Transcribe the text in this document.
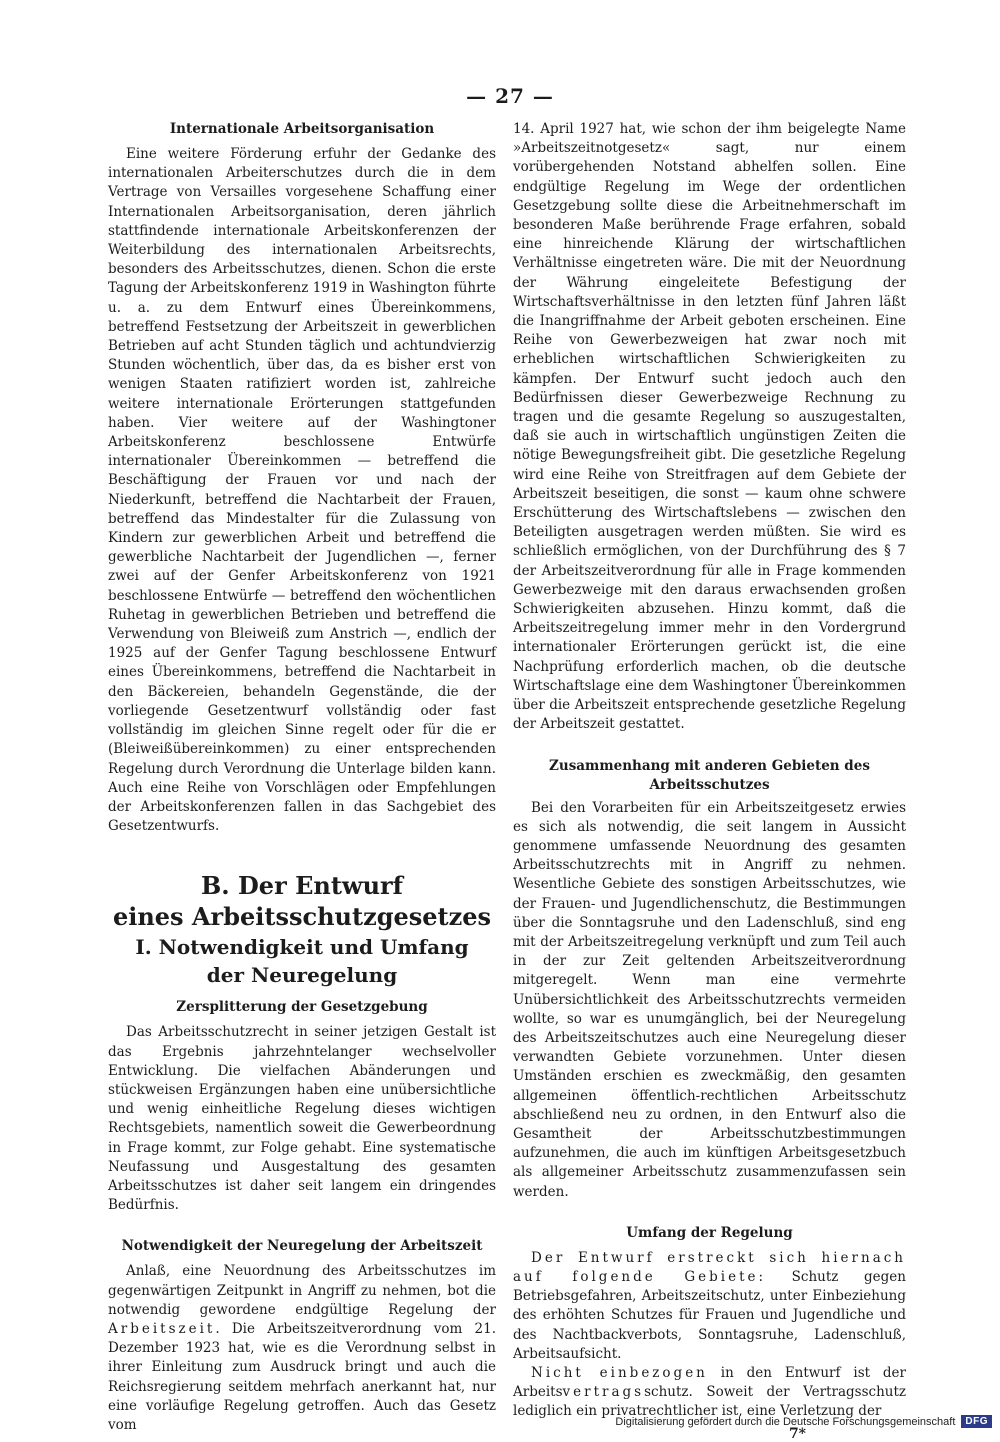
— 27 —
Internationale Arbeitsorganisation

Eine weitere Förderung erfuhr der Gedanke des internationalen Arbeiterschutzes durch die in dem Vertrage von Versailles vorgesehene Schaffung einer Internationalen Arbeitsorganisation, deren jährlich stattfindende internationale Arbeitskonferenzen der Weiterbildung des internationalen Arbeitsrechts, besonders des Arbeitsschutzes, dienen. Schon die erste Tagung der Arbeitskonferenz 1919 in Washington führte u. a. zu dem Entwurf eines Übereinkommens, betreffend Festsetzung der Arbeitszeit in gewerblichen Betrieben auf acht Stunden täglich und achtundvierzig Stunden wöchentlich, über das, da es bisher erst von wenigen Staaten ratifiziert worden ist, zahlreiche weitere internationale Erörterungen stattgefunden haben. Vier weitere auf der Washingtoner Arbeitskonferenz beschlossene Entwürfe internationaler Übereinkommen — betreffend die Beschäftigung der Frauen vor und nach der Niederkunft, betreffend die Nachtarbeit der Frauen, betreffend das Mindestalter für die Zulassung von Kindern zur gewerblichen Arbeit und betreffend die gewerbliche Nachtarbeit der Jugendlichen —, ferner zwei auf der Genfer Arbeitskonferenz von 1921 beschlossene Entwürfe — betreffend den wöchentlichen Ruhetag in gewerblichen Betrieben und betreffend die Verwendung von Bleiweiß zum Anstrich —, endlich der 1925 auf der Genfer Tagung beschlossene Entwurf eines Übereinkommens, betreffend die Nachtarbeit in den Bäckereien, behandeln Gegenstände, die der vorliegende Gesetzentwurf vollständig oder fast vollständig im gleichen Sinne regelt oder für die er (Bleiweißübereinkommen) zu einer entsprechenden Regelung durch Verordnung die Unterlage bilden kann. Auch eine Reihe von Vorschlägen oder Empfehlungen der Arbeitskonferenzen fallen in das Sachgebiet des Gesetzentwurfs.

B. Der Entwurf
eines Arbeitsschutzgesetzes
I. Notwendigkeit und Umfang
der Neuregelung
Zersplitterung der Gesetzgebung

Das Arbeitsschutzrecht in seiner jetzigen Gestalt ist das Ergebnis jahrzehntelanger wechselvoller Entwicklung. Die vielfachen Abänderungen und stückweisen Ergänzungen haben eine unübersichtliche und wenig einheitliche Regelung dieses wichtigen Rechtsgebiets, namentlich soweit die Gewerbeordnung in Frage kommt, zur Folge gehabt. Eine systematische Neufassung und Ausgestaltung des gesamten Arbeitsschutzes ist daher seit langem ein dringendes Bedürfnis.

Notwendigkeit der Neuregelung der Arbeitszeit

Anlaß, eine Neuordnung des Arbeitsschutzes im gegenwärtigen Zeitpunkt in Angriff zu nehmen, bot die notwendig gewordene endgültige Regelung der Arbeitszeit. Die Arbeitszeitverordnung vom 21. Dezember 1923 hat, wie es die Verordnung selbst in ihrer Einleitung zum Ausdruck bringt und auch die Reichsregierung seitdem mehrfach anerkannt hat, nur eine vorläufige Regelung getroffen. Auch das Gesetz vom

14. April 1927 hat, wie schon der ihm beigelegte Name »Arbeitszeitnotgesetz« sagt, nur einem vorübergehenden Notstand abhelfen sollen. Eine endgültige Regelung im Wege der ordentlichen Gesetzgebung sollte diese die Arbeitnehmerschaft im besonderen Maße berührende Frage erfahren, sobald eine hinreichende Klärung der wirtschaftlichen Verhältnisse eingetreten wäre. Die mit der Neuordnung der Währung eingeleitete Befestigung der Wirtschaftsverhältnisse in den letzten fünf Jahren läßt die Inangriffnahme der Arbeit geboten erscheinen. Eine Reihe von Gewerbezweigen hat zwar noch mit erheblichen wirtschaftlichen Schwierigkeiten zu kämpfen. Der Entwurf sucht jedoch auch den Bedürfnissen dieser Gewerbezweige Rechnung zu tragen und die gesamte Regelung so auszugestalten, daß sie auch in wirtschaftlich ungünstigen Zeiten die nötige Bewegungsfreiheit gibt. Die gesetzliche Regelung wird eine Reihe von Streitfragen auf dem Gebiete der Arbeitszeit beseitigen, die sonst — kaum ohne schwere Erschütterung des Wirtschaftslebens — zwischen den Beteiligten ausgetragen werden müßten. Sie wird es schließlich ermöglichen, von der Durchführung des § 7 der Arbeitszeitverordnung für alle in Frage kommenden Gewerbezweige mit den daraus erwachsenden großen Schwierigkeiten abzusehen. Hinzu kommt, daß die Arbeitszeitregelung immer mehr in den Vordergrund internationaler Erörterungen gerückt ist, die eine Nachprüfung erforderlich machen, ob die deutsche Wirtschaftslage eine dem Washingtoner Übereinkommen über die Arbeitszeit entsprechende gesetzliche Regelung der Arbeitszeit gestattet.

Zusammenhang mit anderen Gebieten des
Arbeitsschutzes

Bei den Vorarbeiten für ein Arbeitszeitgesetz erwies es sich als notwendig, die seit langem in Aussicht genommene umfassende Neuordnung des gesamten Arbeitsschutzrechts mit in Angriff zu nehmen. Wesentliche Gebiete des sonstigen Arbeitsschutzes, wie der Frauen- und Jugendlichenschutz, die Bestimmungen über die Sonntagsruhe und den Ladenschluß, sind eng mit der Arbeitszeitregelung verknüpft und zum Teil auch in der zur Zeit geltenden Arbeitszeitverordnung mitgeregelt. Wenn man eine vermehrte Unübersichtlichkeit des Arbeitsschutzrechts vermeiden wollte, so war es unumgänglich, bei der Neuregelung des Arbeitszeitschutzes auch eine Neuregelung dieser verwandten Gebiete vorzunehmen. Unter diesen Umständen erschien es zweckmäßig, den gesamten allgemeinen öffentlich-rechtlichen Arbeitsschutz abschließend neu zu ordnen, in den Entwurf also die Gesamtheit der Arbeitsschutzbestimmungen aufzunehmen, die auch im künftigen Arbeitsgesetzbuch als allgemeiner Arbeitsschutz zusammenzufassen sein werden.

Umfang der Regelung

Der Entwurf erstreckt sich hiernach auf folgende Gebiete: Schutz gegen Betriebsgefahren, Arbeitszeitschutz, unter Einbeziehung des erhöhten Schutzes für Frauen und Jugendliche und des Nachtbackverbots, Sonntagsruhe, Ladenschluß, Arbeitsaufsicht.

Nicht einbezogen in den Entwurf ist der Arbeitsvertragsschutz. Soweit der Vertragsschutz lediglich ein privatrechtlicher ist, eine Verletzung der

7*
Digitalisierung gefördert durch die Deutsche Forschungsgemeinschaft	DFG
